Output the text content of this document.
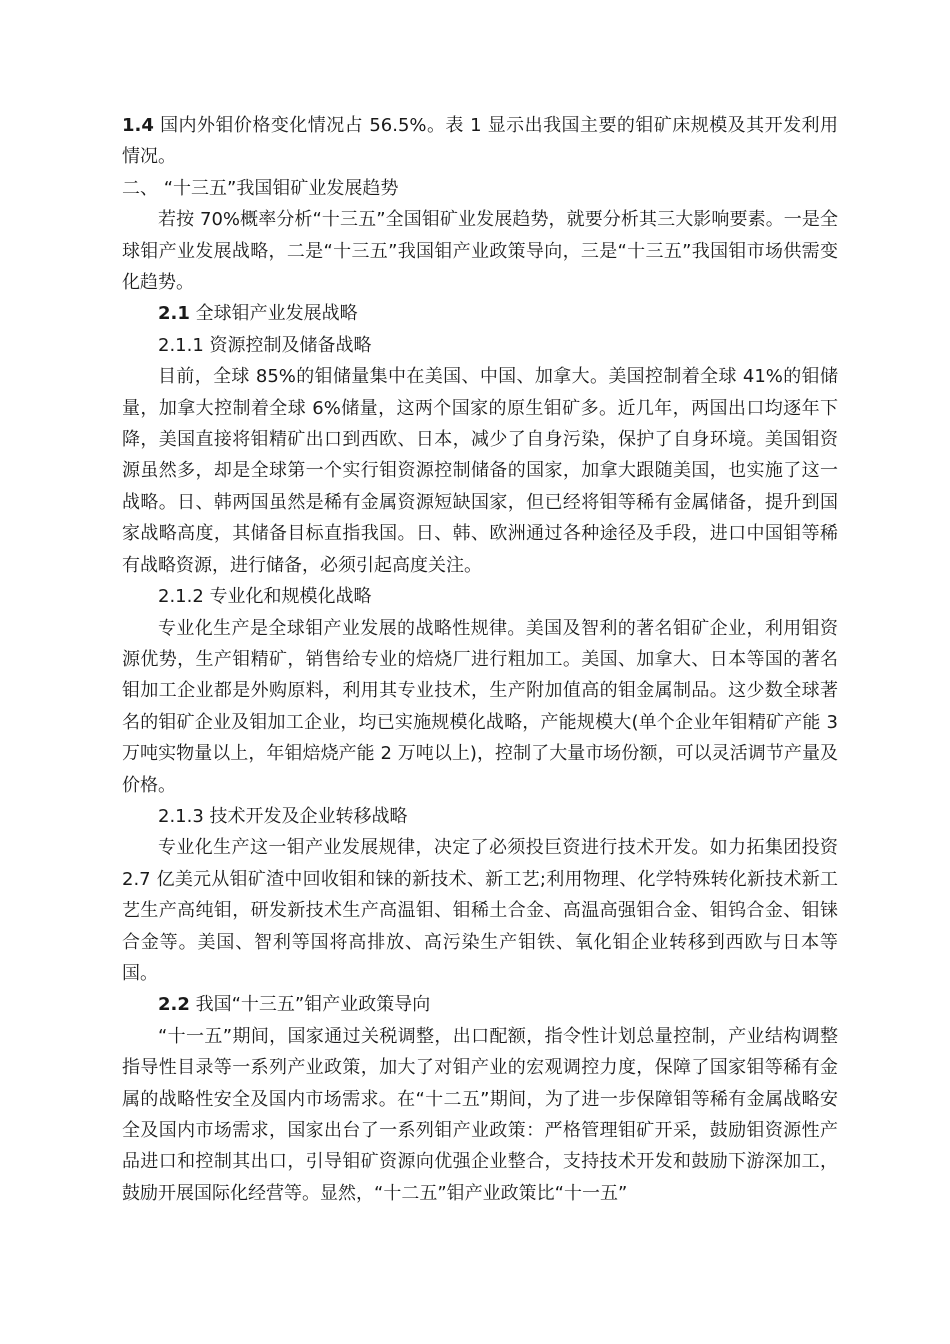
1.4 国内外钼价格变化情况占 56.5%。表 1 显示出我国主要的钼矿床规模及其开发利用情况。

二、 “十三五”我国钼矿业发展趋势

若按 70%概率分析“十三五”全国钼矿业发展趋势，就要分析其三大影响要素。一是全球钼产业发展战略，二是“十三五”我国钼产业政策导向，三是“十三五”我国钼市场供需变化趋势。

2.1 全球钼产业发展战略

2.1.1 资源控制及储备战略

目前，全球 85%的钼储量集中在美国、中国、加拿大。美国控制着全球 41%的钼储量，加拿大控制着全球 6%储量，这两个国家的原生钼矿多。近几年，两国出口均逐年下降，美国直接将钼精矿出口到西欧、日本，减少了自身污染，保护了自身环境。美国钼资源虽然多，却是全球第一个实行钼资源控制储备的国家，加拿大跟随美国，也实施了这一战略。日、韩两国虽然是稀有金属资源短缺国家，但已经将钼等稀有金属储备，提升到国家战略高度，其储备目标直指我国。日、韩、欧洲通过各种途径及手段，进口中国钼等稀有战略资源，进行储备，必须引起高度关注。

2.1.2 专业化和规模化战略

专业化生产是全球钼产业发展的战略性规律。美国及智利的著名钼矿企业，利用钼资源优势，生产钼精矿，销售给专业的焙烧厂进行粗加工。美国、加拿大、日本等国的著名钼加工企业都是外购原料，利用其专业技术，生产附加值高的钼金属制品。这少数全球著名的钼矿企业及钼加工企业，均已实施规模化战略，产能规模大(单个企业年钼精矿产能 3 万吨实物量以上，年钼焙烧产能 2 万吨以上)，控制了大量市场份额，可以灵活调节产量及价格。

2.1.3 技术开发及企业转移战略

专业化生产这一钼产业发展规律，决定了必须投巨资进行技术开发。如力拓集团投资 2.7 亿美元从钼矿渣中回收钼和铼的新技术、新工艺;利用物理、化学特殊转化新技术新工艺生产高纯钼，研发新技术生产高温钼、钼稀土合金、高温高强钼合金、钼钨合金、钼铼合金等。美国、智利等国将高排放、高污染生产钼铁、氧化钼企业转移到西欧与日本等国。

2.2 我国“十三五”钼产业政策导向

“十一五”期间，国家通过关税调整，出口配额，指令性计划总量控制，产业结构调整指导性目录等一系列产业政策，加大了对钼产业的宏观调控力度，保障了国家钼等稀有金属的战略性安全及国内市场需求。在“十二五”期间，为了进一步保障钼等稀有金属战略安全及国内市场需求，国家出台了一系列钼产业政策：严格管理钼矿开采，鼓励钼资源性产品进口和控制其出口，引导钼矿资源向优强企业整合，支持技术开发和鼓励下游深加工，鼓励开展国际化经营等。显然，“十二五”钼产业政策比“十一五”
